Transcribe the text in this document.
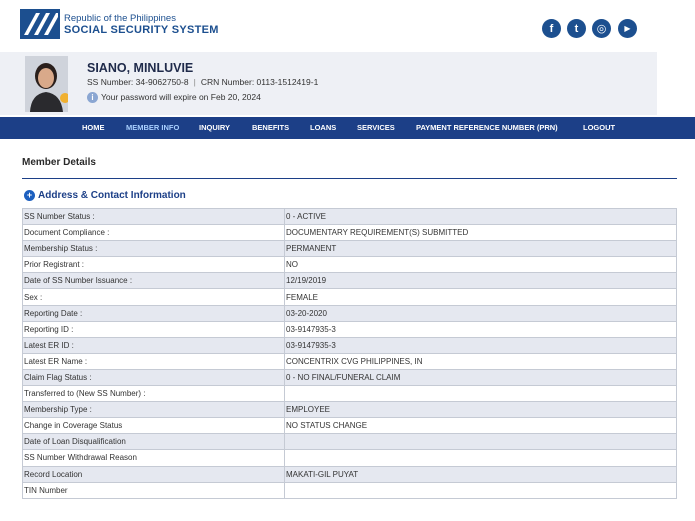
Republic of the Philippines
SOCIAL SECURITY SYSTEM	f	t	◎	▶
SIANO, MINLUVIE
SS Number: 34-9062750-8 | CRN Number: 0113-1512419-1
i Your password will expire on Feb 20, 2024
HOME	MEMBER INFO	INQUIRY	BENEFITS	LOANS	SERVICES	PAYMENT REFERENCE NUMBER (PRN)	LOGOUT
Member Details
+ Address & Contact Information
SS Number Status :	0 - ACTIVE
Document Compliance :	DOCUMENTARY REQUIREMENT(S) SUBMITTED
Membership Status :	PERMANENT
Prior Registrant :	NO
Date of SS Number Issuance :	12/19/2019
Sex :	FEMALE
Reporting Date :	03-20-2020
Reporting ID :	03-9147935-3
Latest ER ID :	03-9147935-3
Latest ER Name :	CONCENTRIX CVG PHILIPPINES, IN
Claim Flag Status :	0 - NO FINAL/FUNERAL CLAIM
Transferred to (New SS Number) :	
Membership Type :	EMPLOYEE
Change in Coverage Status	NO STATUS CHANGE
Date of Loan Disqualification	
SS Number Withdrawal Reason	
Record Location	MAKATI-GIL PUYAT
TIN Number	
